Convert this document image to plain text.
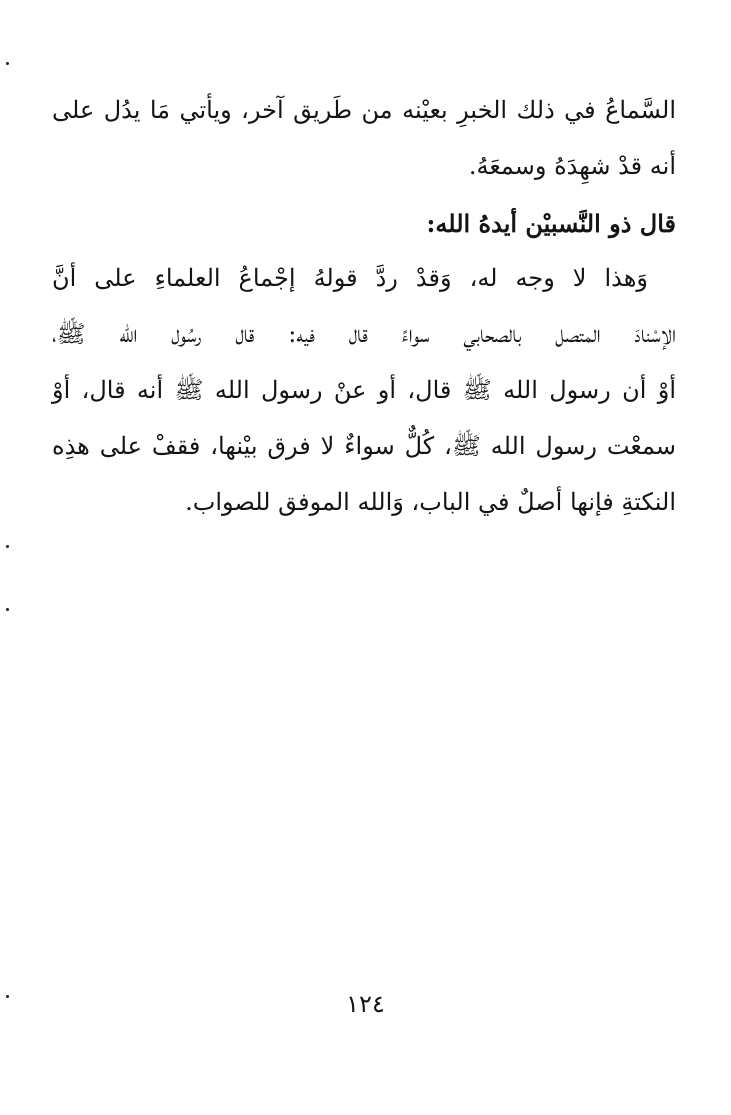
السَّماعُ في ذلك الخبرِ بعيْنه من طَريق آخر، ويأتي مَا يدُل على
أنه قدْ شهِدَهُ وسمعَهُ.
قال ذو النَّسبيْن أيدهُ الله:
وَهذا لا وجه له، وَقدْ ردَّ قولهُ إجْماعُ العلماءِ على أنَّ
الإسْنادَ المتصل بالصحابي سواءً قال فيه: قال رسُول الله ﷺ،
أوْ أن رسول الله ﷺ قال، أو عنْ رسول الله ﷺ أنه قال، أوْ
سمعْت رسول الله ﷺ، كُلٌّ سواءٌ لا فرق بيْنها، فقفْ على هذِه
النكتةِ فإنها أصلٌ في الباب، وَالله الموفق للصواب.
١٢٤
